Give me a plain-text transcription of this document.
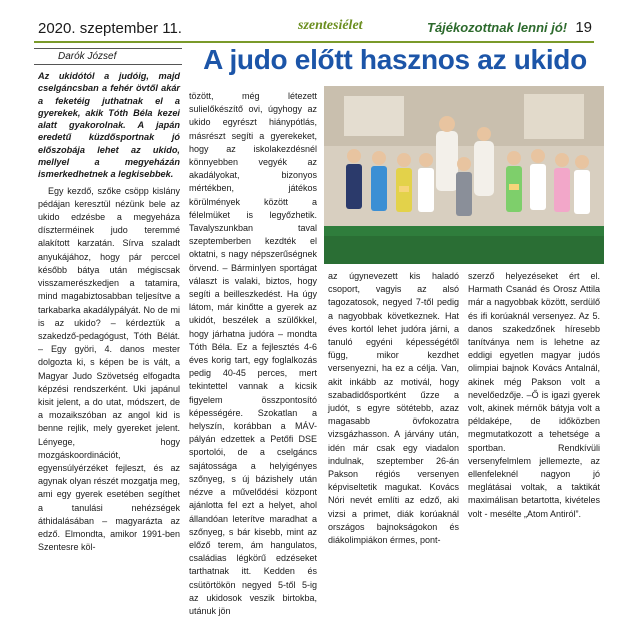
2020. szeptember 11.	szentesiélet	Tájékozottnak lenni jó! 19
Darók József	A judo előtt hasznos az ukido
Az ukidótól a judóig, majd cselgáncsban a fehér övtől akár a feketéig juthatnak el a gyerekek, akik Tóth Béla kezei alatt gyakorolnak. A japán eredetű küzdősportnak jó előszobája lehet az ukido, mellyel a megyeházán ismerkedhetnek a legkisebbek.

Egy kezdő, szőke csöpp kislány pédájan keresztül nézünk bele az ukido edzésbe a megyeháza díszterméinek judo teremmé alakított karzatán. Sírva szaladt anyukájához, hogy pár perccel később bátya után mégiscsak visszamerészkedjen a tatamira, mind magabiztosabban teljesítve a tarkabarka akadálypályát. No de mi is az ukido? – kérdeztük a szakedző-pedagógust, Tóth Bélát. – Egy györi, 4. danos mester dolgozta ki, s képen be is vált, a Magyar Judo Szövetség elfogadta képzési rendszerként. Uki japánul kisit jelent, a do utat, módszert, de a mozaikszóban az angol kid is benne rejlik, mely gyereket jelent. Lényege, hogy mozgáskoordinációt, egyensúlyérzéket fejleszt, és az agynak olyan részét mozgatja meg, ami egy gyerek esetében segíthet a tanulási nehézségek áthidalásában – magyarázta az edző. Elmondta, amikor 1991-ben Szentesre köl-

tözött, még létezett sulielőkészítő ovi, úgyhogy az ukido egyrészt hiánypótlás, másrészt segíti a gyerekeket, hogy az iskolakezdésnél könnyebben vegyék az akadályokat, bizonyos mértékben, játékos körülmények között a félelmüket is legyőzhetik. Tavalyszunkban taval szeptemberben kezdték el oktatni, s nagy népszerűségnek örvend. – Bárminlyen sportágat választ is valaki, biztos, hogy segíti a beilleszkedést. Ha úgy látom, már kinőtte a gyerek az ukidót, beszélek a szülőkkel, hogy járhatna judóra – mondta Tóth Béla. Ez a fejlesztés 4-6 éves korig tart, egy foglalkozás pedig 40-45 perces, mert tekintettel vannak a kicsik figyelem összpontosító képességére. Szokatlan a helyszín, korábban a MÁV-pályán edzettek a Petőfi DSE sportolói, de a cselgáncs sajátossága a helyigényes szőnyeg, s új bázishely után nézve a művelődési központ ajánlotta fel ezt a helyet, ahol állandóan leterítve maradhat a szőnyeg, s bár kisebb, mint az előző terem, ám hangulatos, családias légkörű edzéseket tarthatnak itt. Kedden és csütörtökön negyed 5-től 5-ig az ukidosok veszik birtokba, utánuk jön

az úgynevezett kis haladó csoport, vagyis az alsó tagozatosok, negyed 7-től pedig a nagyobbak következnek. Hat éves kortól lehet judóra járni, a tanuló egyéni képességétől függ, mikor kezdhet versenyezni, ha ez a célja. Van, akit inkább az motivál, hogy szabadidősportként űzze a judót, s egyre sötétebb, azaz magasabb övfokozatra vizsgázhasson. A járvány után, idén már csak egy viadalon indulnak, szeptember 26-án Pakson régiós versenyen képviseltetik magukat. Kovács Nóri nevét említi az edző, aki vizsi a primet, diák korúaknál országos bajnokságokon és diákolimpiákon érmes, pont-

szerző helyezéseket ért el. Harmath Csanád és Orosz Attila már a nagyobbak között, serdülő és ifi korúaknál versenyez. Az 5. danos szakedzőnek híresebb tanítványa nem is lehetne az eddigi egyetlen magyar judós olimpiai bajnok Kovács Antalnál, akinek még Pakson volt a nevelőedzője. –Ő is igazi gyerek volt, akinek mérnök bátyja volt a példaképe, de időközben megmutatkozott a tehetsége a sportban. Rendkívüli versenyfelmlem jellemezte, az ellenfeleknél nagyon jó meglátásai voltak, a taktikát maximálisan betartotta, kivételes volt - mesélte „Atom Antiról”.
